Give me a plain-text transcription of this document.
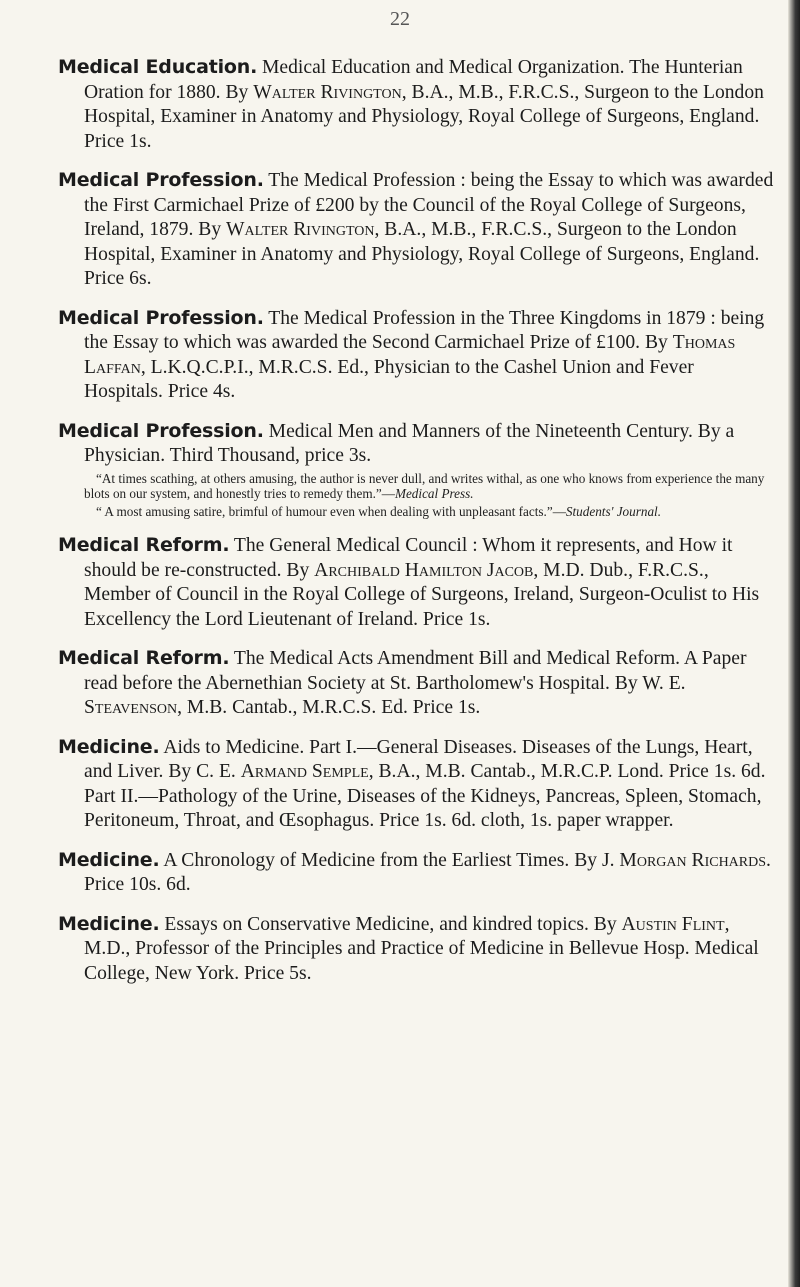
22
Medical Education. Medical Education and Medical Organization. The Hunterian Oration for 1880. By Walter Rivington, B.A., M.B., F.R.C.S., Surgeon to the London Hospital, Examiner in Anatomy and Physiology, Royal College of Surgeons, England. Price 1s.
Medical Profession. The Medical Profession : being the Essay to which was awarded the First Carmichael Prize of £200 by the Council of the Royal College of Surgeons, Ireland, 1879. By Walter Rivington, B.A., M.B., F.R.C.S., Surgeon to the London Hospital, Examiner in Anatomy and Physiology, Royal College of Surgeons, England. Price 6s.
Medical Profession. The Medical Profession in the Three Kingdoms in 1879 : being the Essay to which was awarded the Second Carmichael Prize of £100. By Thomas Laffan, L.K.Q.C.P.I., M.R.C.S. Ed., Physician to the Cashel Union and Fever Hospitals. Price 4s.
Medical Profession. Medical Men and Manners of the Nineteenth Century. By a Physician. Third Thousand, price 3s.
“At times scathing, at others amusing, the author is never dull, and writes withal, as one who knows from experience the many blots on our system, and honestly tries to remedy them.”—Medical Press.
“ A most amusing satire, brimful of humour even when dealing with unpleasant facts.”—Students' Journal.
Medical Reform. The General Medical Council : Whom it represents, and How it should be re-constructed. By Archibald Hamilton Jacob, M.D. Dub., F.R.C.S., Member of Council in the Royal College of Surgeons, Ireland, Surgeon-Oculist to His Excellency the Lord Lieutenant of Ireland. Price 1s.
Medical Reform. The Medical Acts Amendment Bill and Medical Reform. A Paper read before the Abernethian Society at St. Bartholomew's Hospital. By W. E. Steavenson, M.B. Cantab., M.R.C.S. Ed. Price 1s.
Medicine. Aids to Medicine. Part I.—General Diseases. Diseases of the Lungs, Heart, and Liver. By C. E. Armand Semple, B.A., M.B. Cantab., M.R.C.P. Lond. Price 1s. 6d.
Part II.—Pathology of the Urine, Diseases of the Kidneys, Pancreas, Spleen, Stomach, Peritoneum, Throat, and Œsophagus. Price 1s. 6d. cloth, 1s. paper wrapper.
Medicine. A Chronology of Medicine from the Earliest Times. By J. Morgan Richards. Price 10s. 6d.
Medicine. Essays on Conservative Medicine, and kindred topics. By Austin Flint, M.D., Professor of the Principles and Practice of Medicine in Bellevue Hosp. Medical College, New York. Price 5s.
